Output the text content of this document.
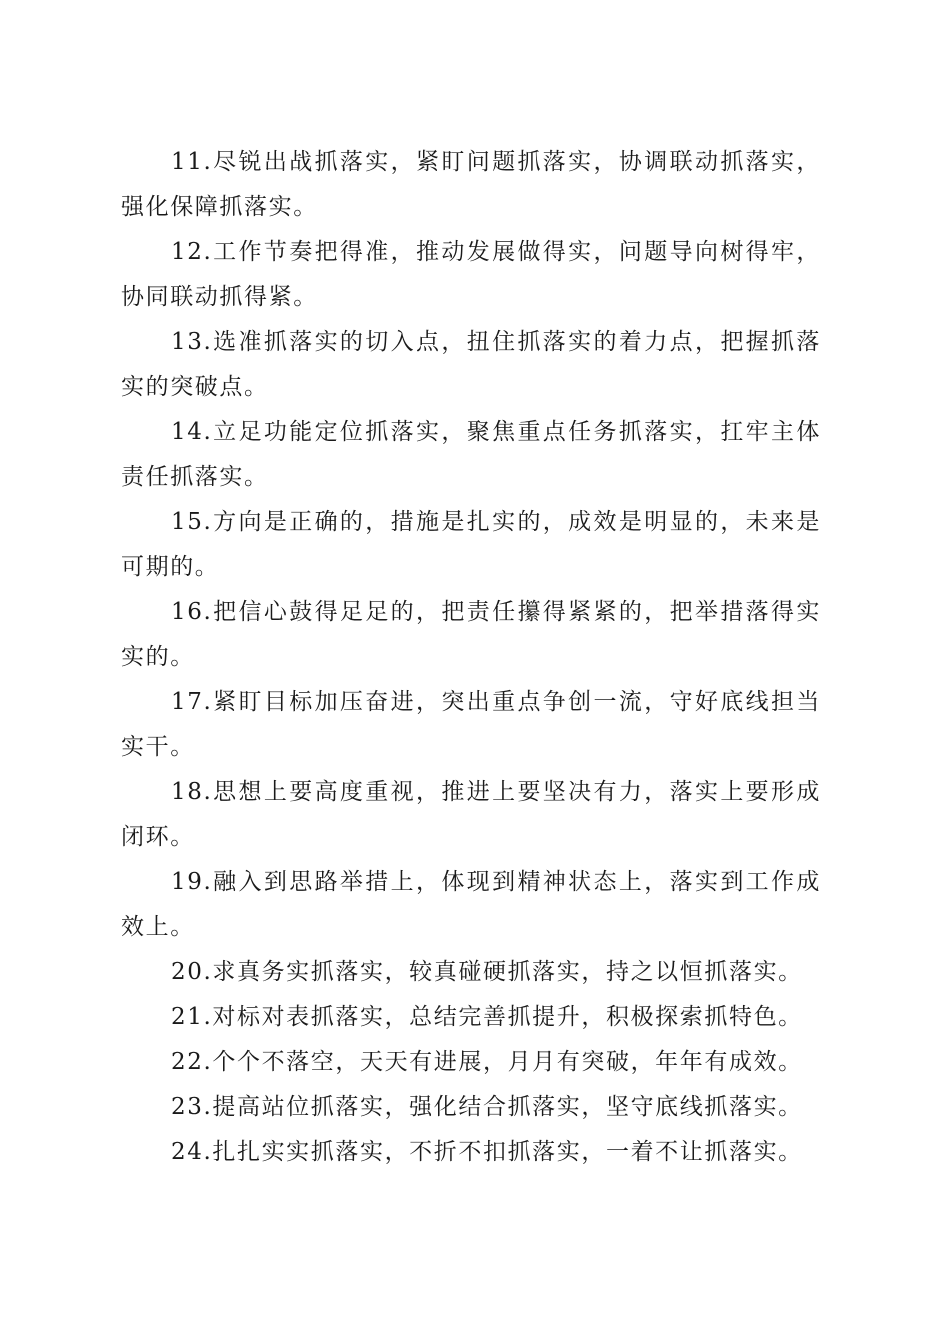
11.尽锐出战抓落实，紧盯问题抓落实，协调联动抓落实，强化保障抓落实。

12.工作节奏把得准，推动发展做得实，问题导向树得牢，协同联动抓得紧。

13.选准抓落实的切入点，扭住抓落实的着力点，把握抓落实的突破点。

14.立足功能定位抓落实，聚焦重点任务抓落实，扛牢主体责任抓落实。

15.方向是正确的，措施是扎实的，成效是明显的，未来是可期的。

16.把信心鼓得足足的，把责任攥得紧紧的，把举措落得实实的。

17.紧盯目标加压奋进，突出重点争创一流，守好底线担当实干。

18.思想上要高度重视，推进上要坚决有力，落实上要形成闭环。

19.融入到思路举措上，体现到精神状态上，落实到工作成效上。

20.求真务实抓落实，较真碰硬抓落实，持之以恒抓落实。

21.对标对表抓落实，总结完善抓提升，积极探索抓特色。

22.个个不落空，天天有进展，月月有突破，年年有成效。

23.提高站位抓落实，强化结合抓落实，坚守底线抓落实。

24.扎扎实实抓落实，不折不扣抓落实，一着不让抓落实。
